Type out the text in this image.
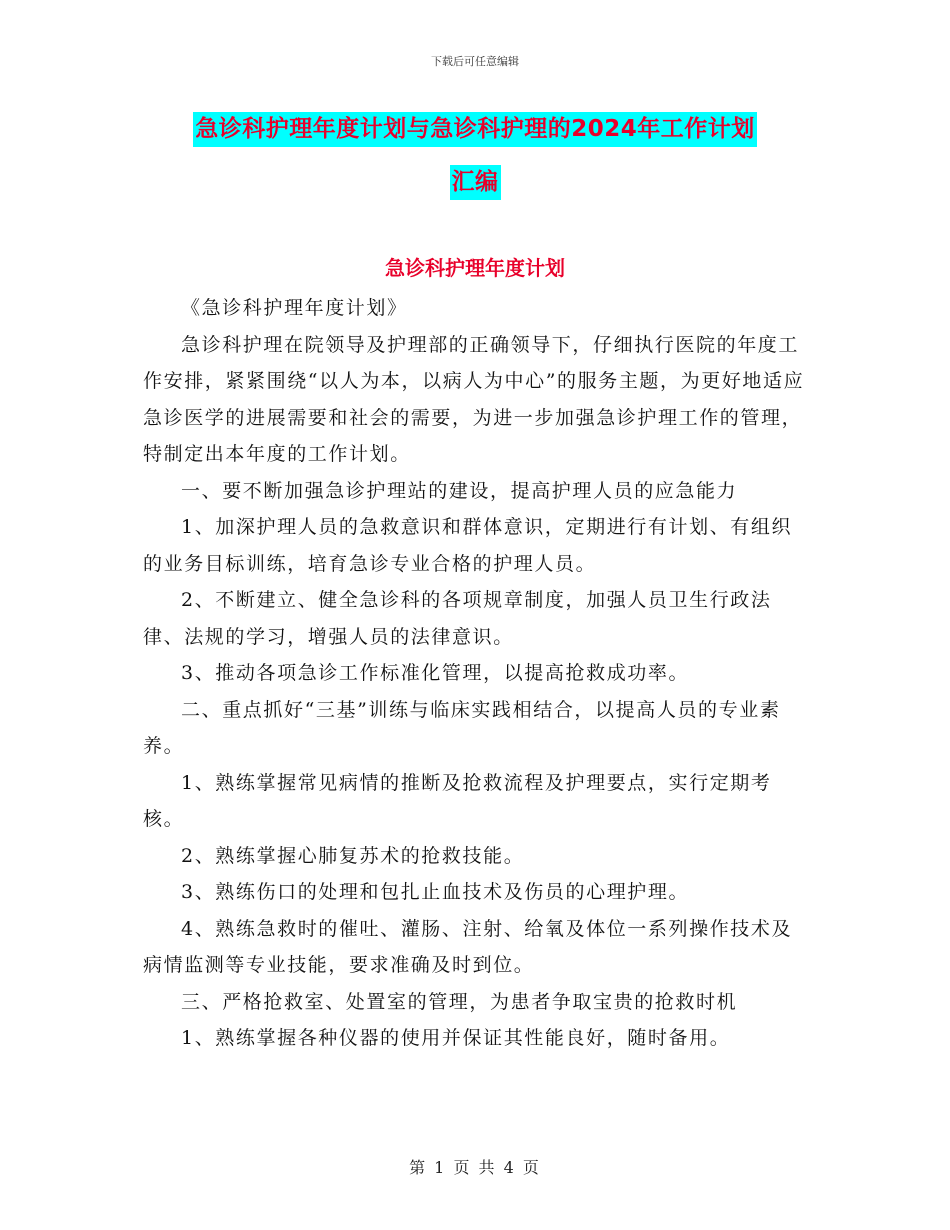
下载后可任意编辑
急诊科护理年度计划与急诊科护理的2024年工作计划
汇编
急诊科护理年度计划

《急诊科护理年度计划》

急诊科护理在院领导及护理部的正确领导下，仔细执行医院的年度工作安排，紧紧围绕“以人为本，以病人为中心”的服务主题，为更好地适应急诊医学的进展需要和社会的需要，为进一步加强急诊护理工作的管理，特制定出本年度的工作计划。

一、要不断加强急诊护理站的建设，提高护理人员的应急能力

1、加深护理人员的急救意识和群体意识，定期进行有计划、有组织的业务目标训练，培育急诊专业合格的护理人员。

2、不断建立、健全急诊科的各项规章制度，加强人员卫生行政法律、法规的学习，增强人员的法律意识。

3、推动各项急诊工作标准化管理，以提高抢救成功率。

二、重点抓好“三基”训练与临床实践相结合，以提高人员的专业素养。

1、熟练掌握常见病情的推断及抢救流程及护理要点，实行定期考核。

2、熟练掌握心肺复苏术的抢救技能。

3、熟练伤口的处理和包扎止血技术及伤员的心理护理。

4、熟练急救时的催吐、灌肠、注射、给氧及体位一系列操作技术及病情监测等专业技能，要求准确及时到位。

三、严格抢救室、处置室的管理，为患者争取宝贵的抢救时机

1、熟练掌握各种仪器的使用并保证其性能良好，随时备用。

第 1 页 共 4 页
